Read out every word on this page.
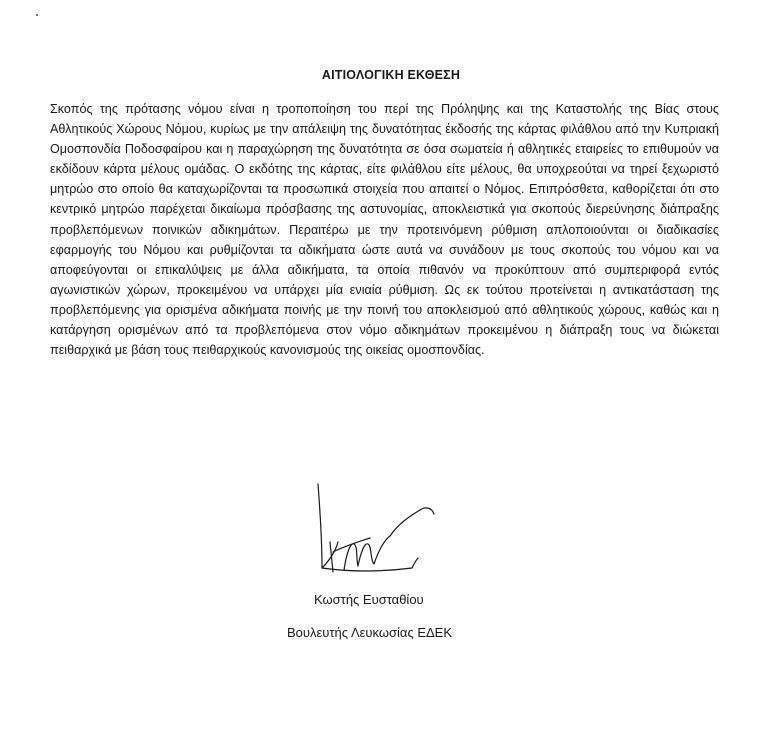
ΑΙΤΙΟΛΟΓΙΚΗ ΕΚΘΕΣΗ

Σκοπός της πρότασης νόμου είναι η τροποποίηση του περί της Πρόληψης και της Καταστολής της Βίας στους Αθλητικούς Χώρους Νόμου, κυρίως με την απάλειψη της δυνατότητας έκδοσής της κάρτας φιλάθλου από την Κυπριακή Ομοσπονδία Ποδοσφαίρου και η παραχώρηση της δυνατότητα σε όσα σωματεία ή αθλητικές εταιρείες το επιθυμούν να εκδίδουν κάρτα μέλους ομάδας. Ο εκδότης της κάρτας, είτε φιλάθλου είτε μέλους, θα υποχρεούται να τηρεί ξεχωριστό μητρώο στο οποίο θα καταχωρίζονται τα προσωπικά στοιχεία που απαιτεί ο Νόμος. Επιπρόσθετα, καθορίζεται ότι στο κεντρικό μητρώο παρέχεται δικαίωμα πρόσβασης της αστυνομίας, αποκλειστικά για σκοπούς διερεύνησης διάπραξης προβλεπόμενων ποινικών αδικημάτων. Περαιτέρω με την προτεινόμενη ρύθμιση απλοποιούνται οι διαδικασίες εφαρμογής του Νόμου και ρυθμίζονται τα αδικήματα ώστε αυτά να συνάδουν με τους σκοπούς του νόμου και να αποφεύγονται οι επικαλύψεις με άλλα αδικήματα, τα οποία πιθανόν να προκύπτουν από συμπεριφορά εντός αγωνιστικών χώρων, προκειμένου να υπάρχει μία ενιαία ρύθμιση. Ως εκ τούτου προτείνεται η αντικατάσταση της προβλεπόμενης για ορισμένα αδικήματα ποινής με την ποινή του αποκλεισμού από αθλητικούς χώρους, καθώς και η κατάργηση ορισμένων από τα προβλεπόμενα στον νόμο αδικημάτων προκειμένου η διάπραξη τους να διώκεται πειθαρχικά με βάση τους πειθαρχικούς κανονισμούς της οικείας ομοσπονδίας.

Κωστής Ευσταθίου

Βουλευτής Λευκωσίας ΕΔΕΚ
